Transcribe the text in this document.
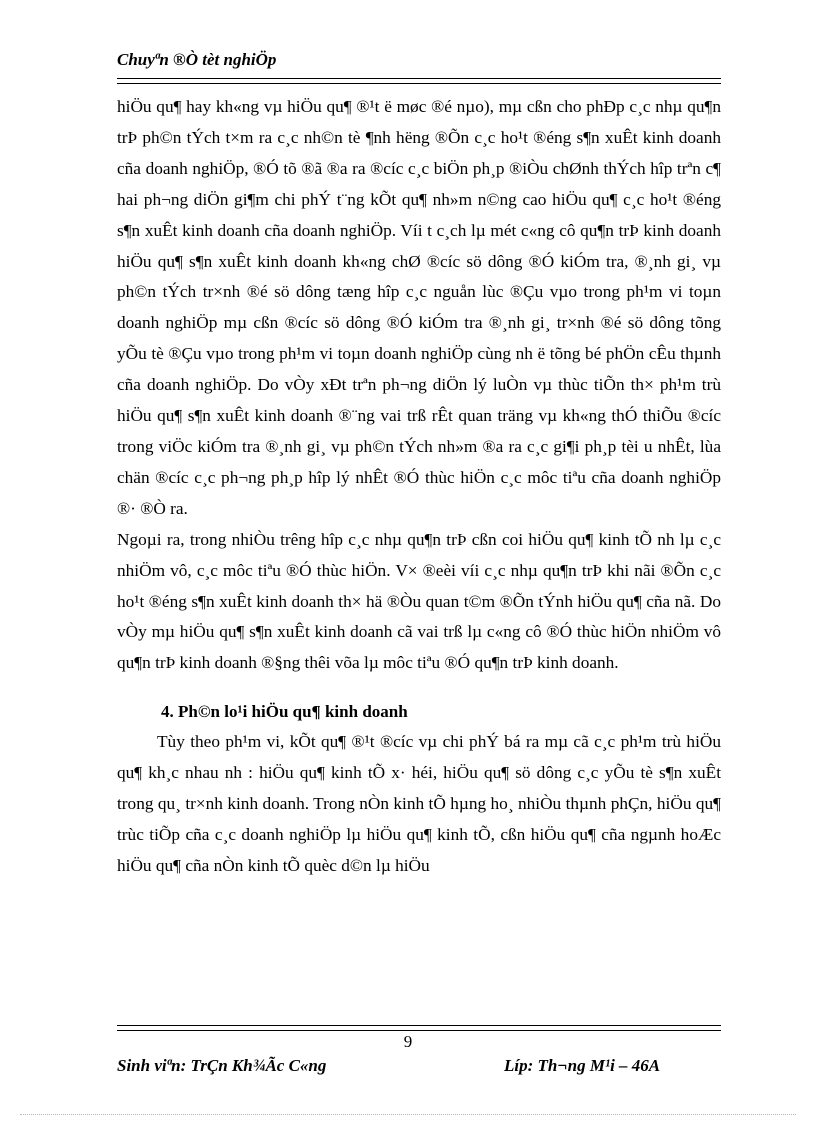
Chuyªn ®Ò tèt nghiÖp

hiÖu qu¶ hay kh«ng vµ hiÖu qu¶ ®¹t ë møc ®é nµo), mµ cßn cho phÐp c¸c nhµ qu¶n trÞ ph©n tÝch t×m ra c¸c nh©n tè ¶nh hëng ®Õn c¸c ho¹t ®éng s¶n xuÊt kinh doanh cña doanh nghiÖp, ®Ó tõ ®ã ®a ra ®cíc c¸c biÖn ph¸p ®iÒu chØnh thÝch hîp trªn c¶ hai ph¬ng diÖn gi¶m chi phÝ t¨ng kÕt qu¶ nh»m n©ng cao hiÖu qu¶ c¸c ho¹t ®éng s¶n xuÊt kinh doanh cña doanh nghiÖp. Víi t c¸ch lµ mét c«ng cô qu¶n trÞ kinh doanh hiÖu qu¶ s¶n xuÊt kinh doanh kh«ng chØ ®cíc sö dông ®Ó kiÓm tra, ®¸nh gi¸ vµ ph©n tÝch tr×nh ®é sö dông tæng hîp c¸c nguån lùc ®Çu vµo trong ph¹m vi toµn doanh nghiÖp mµ cßn ®cíc sö dông ®Ó kiÓm tra ®¸nh gi¸ tr×nh ®é sö dông tõng yÕu tè ®Çu vµo trong ph¹m vi toµn doanh nghiÖp cùng nh ë tõng bé phÖn cÊu thµnh cña doanh nghiÖp. Do vÒy xÐt trªn ph¬ng diÖn lý luÒn vµ thùc tiÕn th× ph¹m trù hiÖu qu¶ s¶n xuÊt kinh doanh ®¨ng vai trß rÊt quan träng vµ kh«ng thÓ thiÕu ®cíc trong viÖc kiÓm tra ®¸nh gi¸ vµ ph©n tÝch nh»m ®a ra c¸c gi¶i ph¸p tèi u nhÊt, lùa chän ®cíc c¸c ph¬ng ph¸p hîp lý nhÊt ®Ó thùc hiÖn c¸c môc tiªu cña doanh nghiÖp ®· ®Ò ra.

Ngoµi ra, trong nhiÒu trêng hîp c¸c nhµ qu¶n trÞ cßn coi hiÖu qu¶ kinh tÕ nh lµ c¸c nhiÖm vô, c¸c môc tiªu ®Ó thùc hiÖn. V× ®eèi víi c¸c nhµ qu¶n trÞ khi nãi ®Õn c¸c ho¹t ®éng s¶n xuÊt kinh doanh th× hä ®Òu quan t©m ®Õn tÝnh hiÖu qu¶ cña nã. Do vÒy mµ hiÖu qu¶ s¶n xuÊt kinh doanh cã vai trß lµ c«ng cô ®Ó thùc hiÖn nhiÖm vô qu¶n trÞ kinh doanh ®§ng thêi võa lµ môc tiªu ®Ó qu¶n trÞ kinh doanh.

4. Ph©n lo¹i hiÖu qu¶ kinh doanh

Tùy theo ph¹m vi, kÕt qu¶ ®¹t ®cíc vµ chi phÝ bá ra mµ cã c¸c ph¹m trù hiÖu qu¶ kh¸c nhau nh : hiÖu qu¶ kinh tÕ x· héi, hiÖu qu¶ sö dông c¸c yÕu tè s¶n xuÊt trong qu¸ tr×nh kinh doanh. Trong nÒn kinh tÕ hµng ho¸ nhiÒu thµnh phÇn, hiÖu qu¶ trùc tiÕp cña c¸c doanh nghiÖp lµ hiÖu qu¶ kinh tÕ, cßn hiÖu qu¶ cña ngµnh hoÆc hiÖu qu¶ cña nÒn kinh tÕ quèc d©n lµ hiÖu

9
Sinh viªn: TrÇn Kh¾Ãc C«ng	Líp: Th¬ng M¹i – 46A
